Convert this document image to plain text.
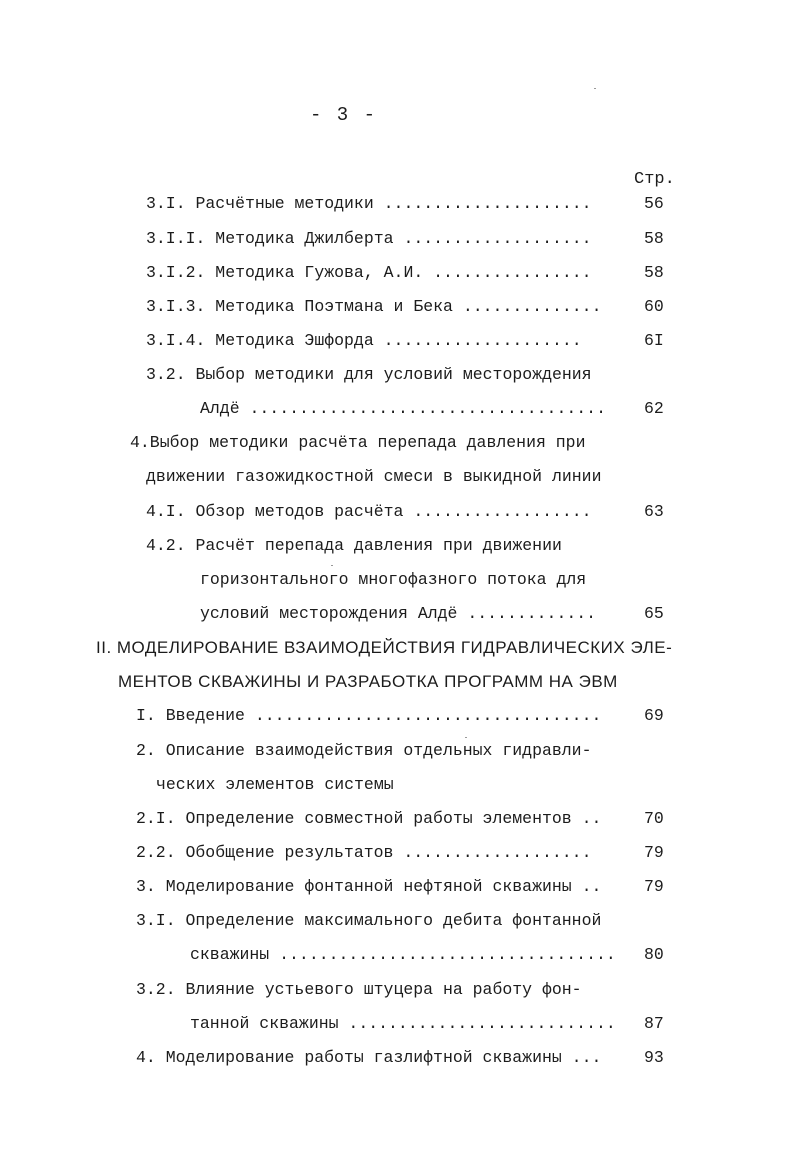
- 3 -
Стр.
3.I. Расчётные методики .....................	56
3.I.I. Методика Джилберта ...................	58
3.I.2. Методика Гужова, А.И. ................	58
3.I.3. Методика Поэтмана и Бека ..............	60
3.I.4. Методика Эшфорда ....................	6I
3.2. Выбор методики для условий месторождения
Алдё .................................... 62
4.Выбор методики расчёта перепада давления при
движении газожидкостной смеси в выкидной линии
4.I. Обзор методов расчёта ..................	63
4.2. Расчёт перепада давления при движении
горизонтального многофазного потока для
условий месторождения Алдё .............	65
II. МОДЕЛИРОВАНИЕ ВЗАИМОДЕЙСТВИЯ ГИДРАВЛИЧЕСКИХ ЭЛЕ-
МЕНТОВ СКВАЖИНЫ И РАЗРАБОТКА ПРОГРАММ НА ЭВМ
I. Введение ...................................	69
2. Описание взаимодействия отдельных гидравли-
ческих элементов системы
2.I. Определение совместной работы элементов ..	70
2.2. Обобщение результатов ...................	79
3. Моделирование фонтанной нефтяной скважины ..	79
3.I. Определение максимального дебита фонтанной
скважины .................................. 80
3.2. Влияние устьевого штуцера на работу фон-
танной скважины ........................... 87
4. Моделирование работы газлифтной скважины ...	93
